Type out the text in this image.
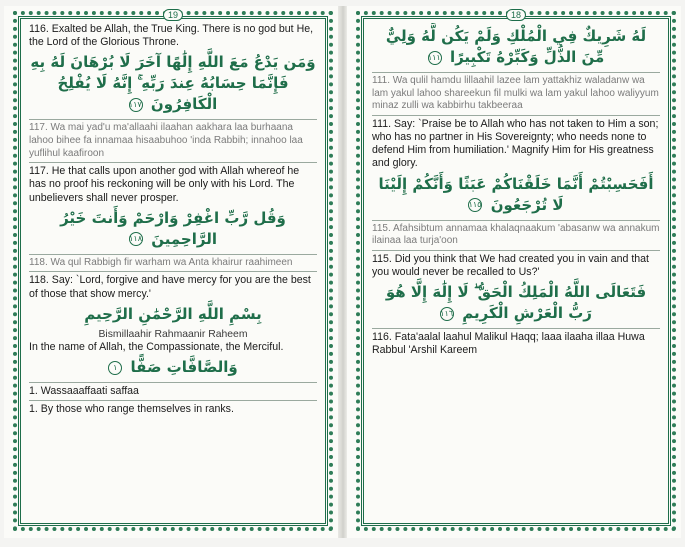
19

116. Exalted be Allah, the True King. There is no god but He, the Lord of the Glorious Throne.

وَمَن يَدْعُ مَعَ اللَّهِ إِلَٰهًا آخَرَ لَا بُرْهَانَ لَهُ بِهِ فَإِنَّمَا حِسَابُهُ عِندَ رَبِّهِ ۚ إِنَّهُ لَا يُفْلِحُ الْكَافِرُونَ ١١٧

117. Wa mai yad'u ma'allaahi ilaahan aakhara laa burhaana lahoo bihee fa innamaa hisaabuhoo 'inda Rabbih; innahoo laa yuflihul kaafiroon

117. He that calls upon another god with Allah whereof he has no proof his reckoning will be only with his Lord. The unbelievers shall never prosper.

وَقُل رَّبِّ اغْفِرْ وَارْحَمْ وَأَنتَ خَيْرُ الرَّاحِمِينَ ١١٨

118. Wa qul Rabbigh fir warham wa Anta khairur raahimeen

118. Say: `Lord, forgive and have mercy for you are the best of those that show mercy.'

بِسْمِ اللَّهِ الرَّحْمَٰنِ الرَّحِيمِ

Bismillaahir Rahmaanir Raheem

In the name of Allah, the Compassionate, the Merciful.

وَالصَّافَّاتِ صَفًّا ١

1. Wassaaaffaati saffaa

1. By those who range themselves in ranks.

18

لَهُ شَرِيكٌ فِي الْمُلْكِ وَلَمْ يَكُن لَّهُ وَلِيٌّ مِّنَ الذُّلِّ وَكَبِّرْهُ تَكْبِيرًا ١١١

111. Wa qulil hamdu lillaahil lazee lam yattakhiz waladanw wa lam yakul lahoo shareekun fil mulki wa lam yakul lahoo waliyyum minaz zulli wa kabbirhu takbeeraa

111. Say: `Praise be to Allah who has not taken to Him a son; who has no partner in His Sovereignty; who needs none to defend Him from humiliation.' Magnify Him for His greatness and glory.

أَفَحَسِبْتُمْ أَنَّمَا خَلَقْنَاكُمْ عَبَثًا وَأَنَّكُمْ إِلَيْنَا لَا تُرْجَعُونَ ١١٥

115. Afahsibtum annamaa khalaqnaakum 'abasanw wa annakum ilainaa laa turja'oon

115. Did you think that We had created you in vain and that you would never be recalled to Us?'

فَتَعَالَى اللَّهُ الْمَلِكُ الْحَقُّ ۖ لَا إِلَٰهَ إِلَّا هُوَ رَبُّ الْعَرْشِ الْكَرِيمِ ١١٦

116. Fata'aalal laahul Malikul Haqq; laaa ilaaha illaa Huwa Rabbul 'Arshil Kareem
